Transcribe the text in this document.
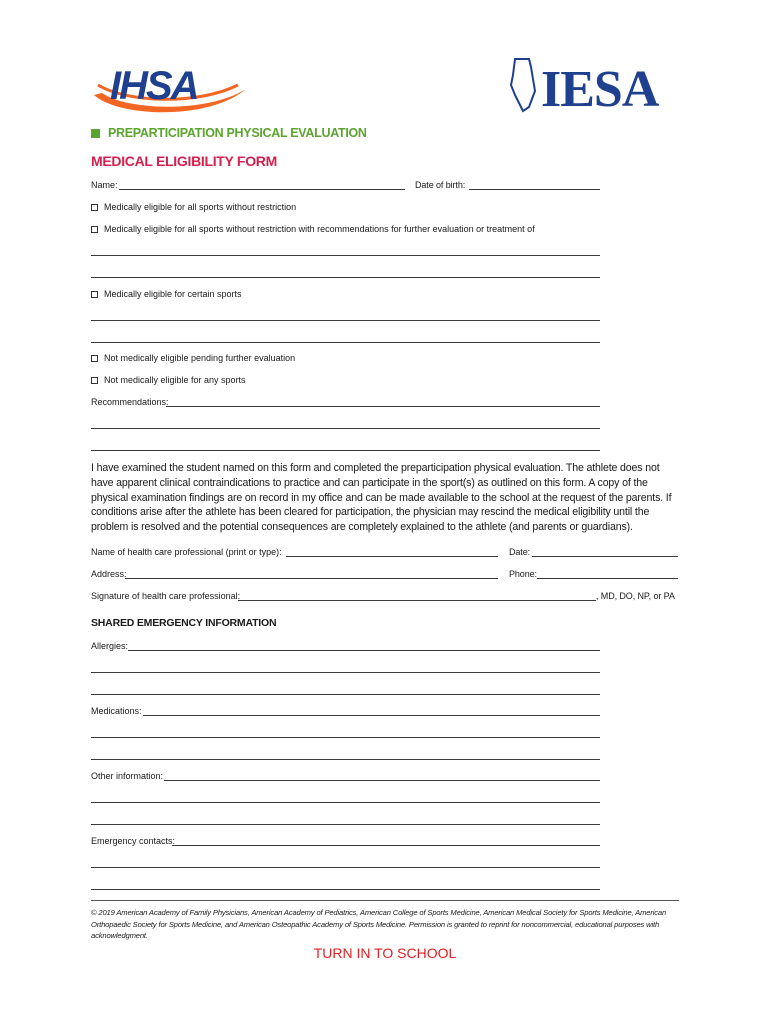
IHSA	IESA
PREPARTICIPATION PHYSICAL EVALUATION
MEDICAL ELIGIBILITY FORM
Name:	Date of birth:
Medically eligible for all sports without restriction
Medically eligible for all sports without restriction with recommendations for further evaluation or treatment of
Medically eligible for certain sports
Not medically eligible pending further evaluation
Not medically eligible for any sports
Recommendations:
I have examined the student named on this form and completed the preparticipation physical evaluation. The athlete does not have apparent clinical contraindications to practice and can participate in the sport(s) as outlined on this form. A copy of the physical examination findings are on record in my office and can be made available to the school at the request of the parents. If conditions arise after the athlete has been cleared for participation, the physician may rescind the medical eligibility until the problem is resolved and the potential consequences are completely explained to the athlete (and parents or guardians).
Name of health care professional (print or type):	Date:
Address:	Phone:
Signature of health care professional:	, MD, DO, NP, or PA
SHARED EMERGENCY INFORMATION
Allergies:
Medications:
Other information:
Emergency contacts:
© 2019 American Academy of Family Physicians, American Academy of Pediatrics, American College of Sports Medicine, American Medical Society for Sports Medicine, American Orthopaedic Society for Sports Medicine, and American Osteopathic Academy of Sports Medicine. Permission is granted to reprint for noncommercial, educational purposes with acknowledgment.
TURN IN TO SCHOOL
